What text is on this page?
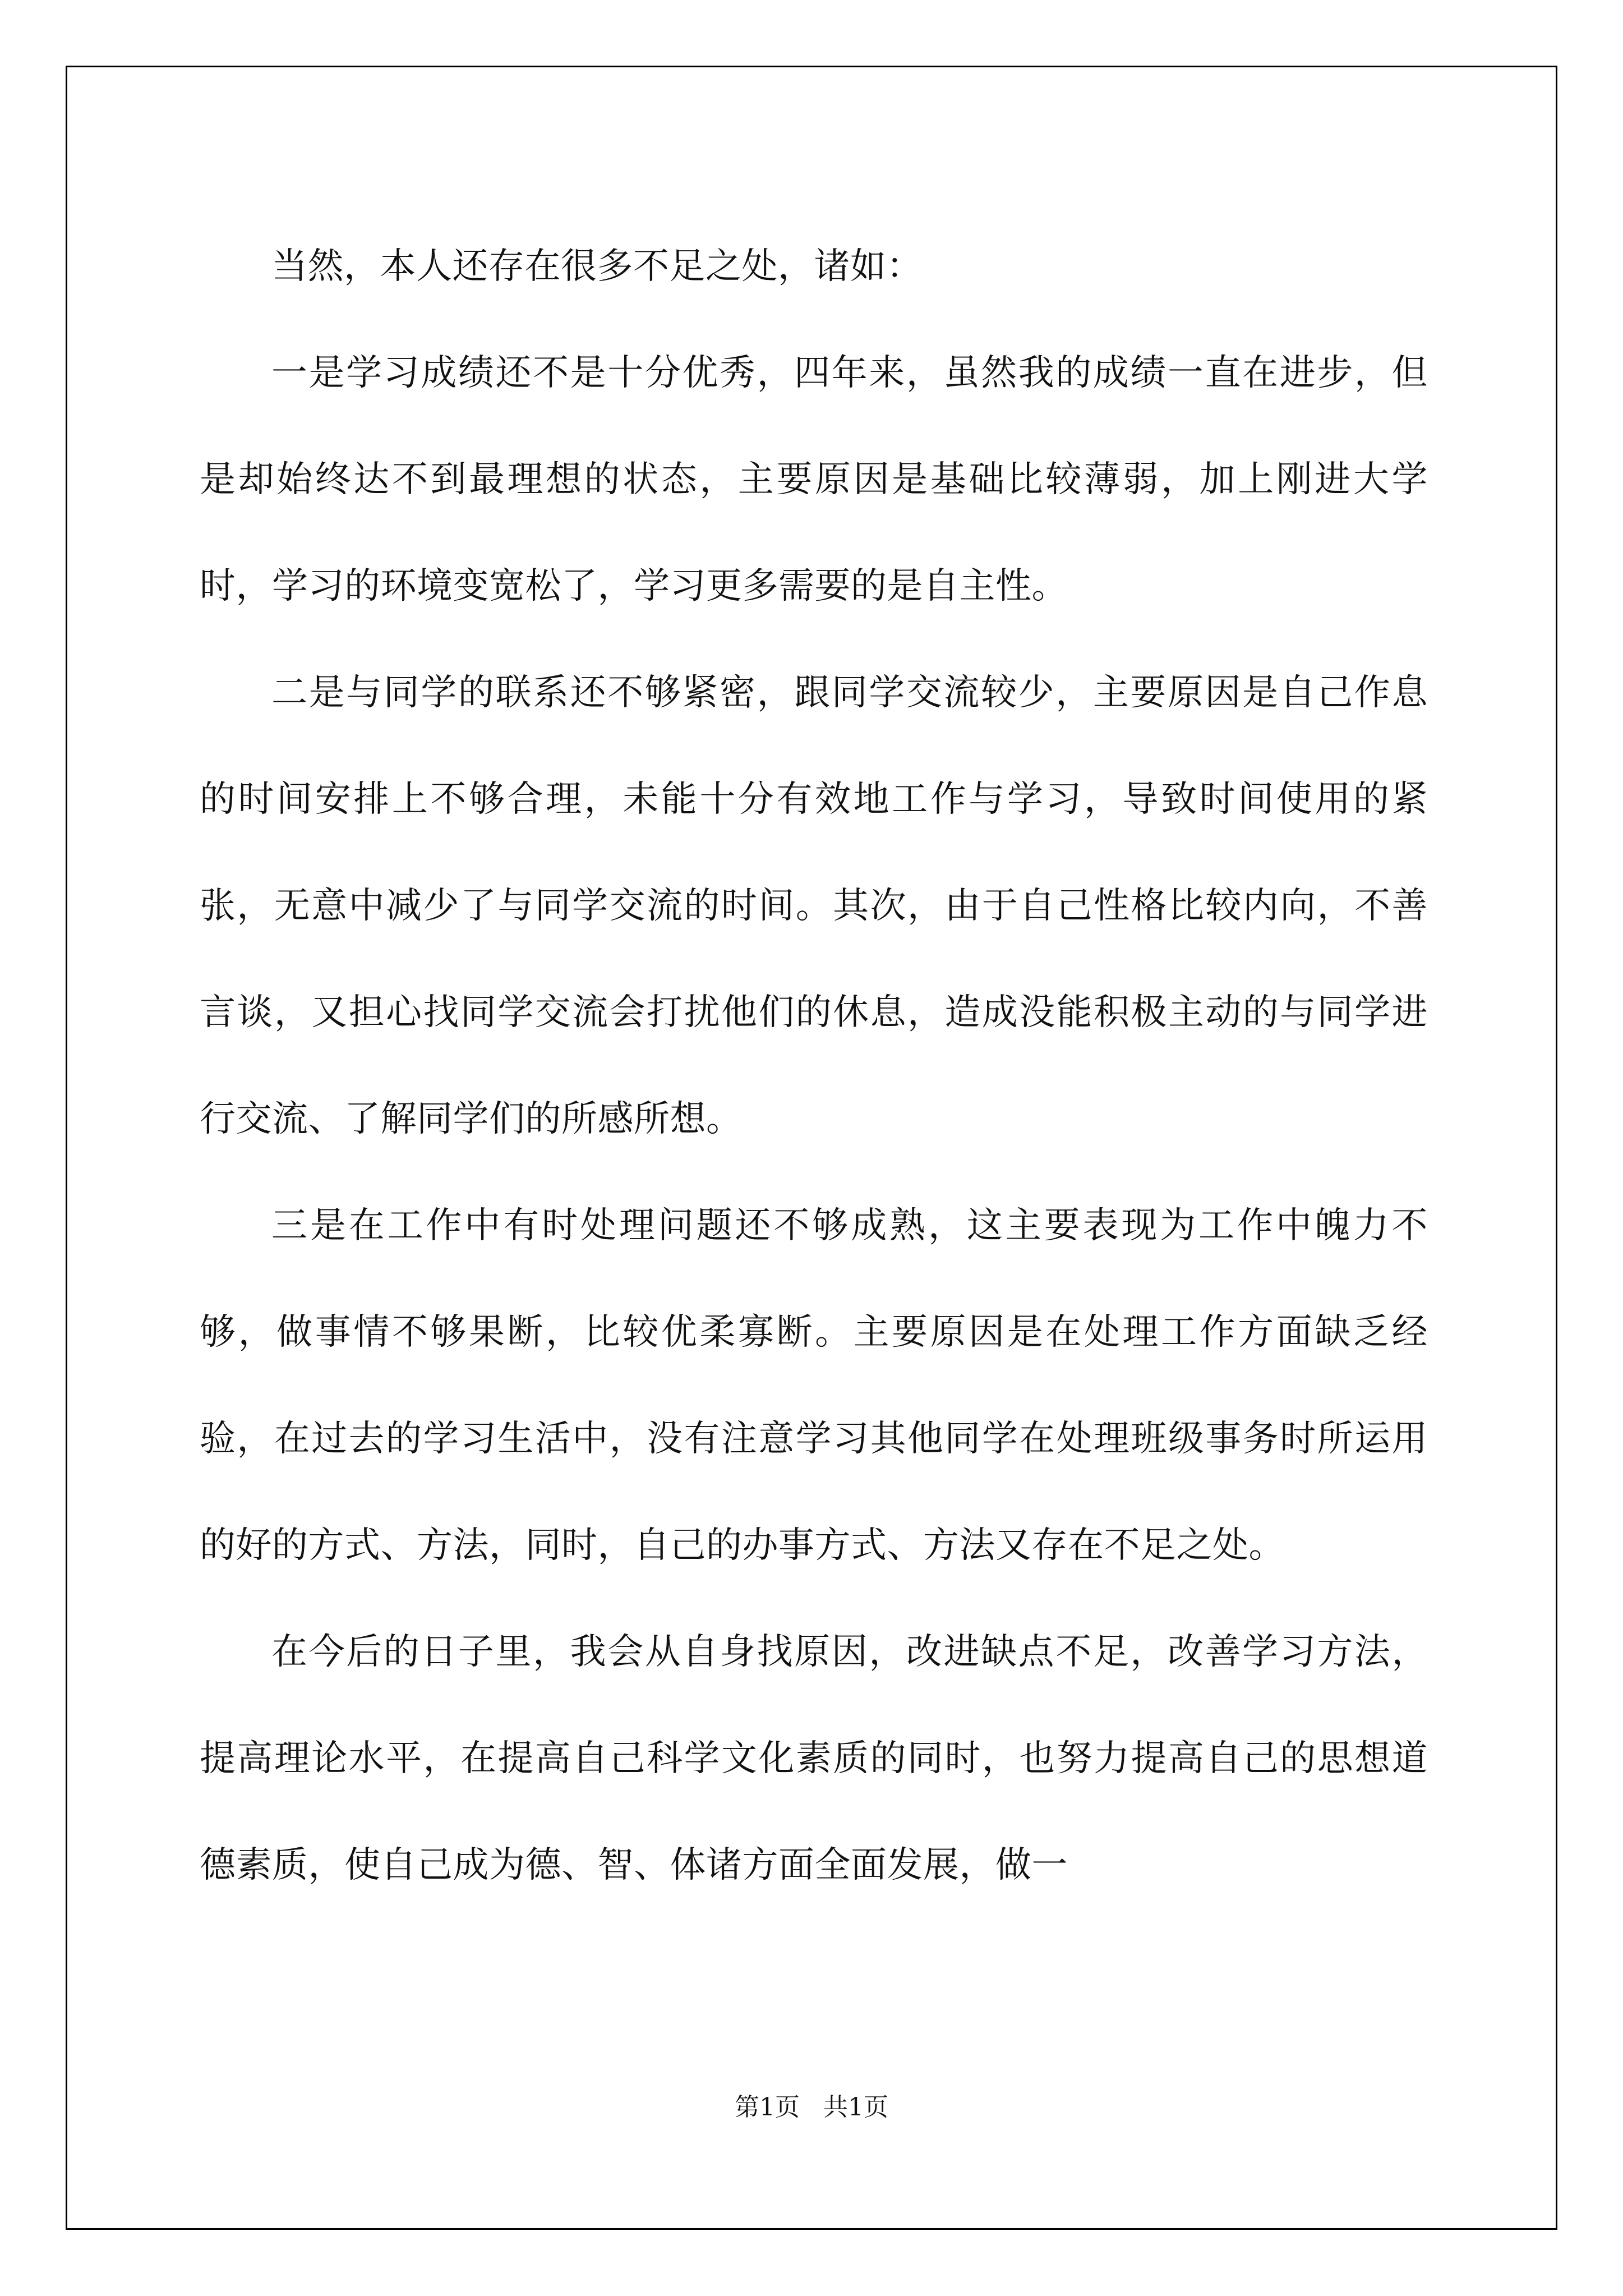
当然，本人还存在很多不足之处，诸如：

一是学习成绩还不是十分优秀，四年来，虽然我的成绩一直在进步，但是却始终达不到最理想的状态，主要原因是基础比较薄弱，加上刚进大学时，学习的环境变宽松了，学习更多需要的是自主性。

二是与同学的联系还不够紧密，跟同学交流较少，主要原因是自己作息的时间安排上不够合理，未能十分有效地工作与学习，导致时间使用的紧张，无意中减少了与同学交流的时间。其次，由于自己性格比较内向，不善言谈，又担心找同学交流会打扰他们的休息，造成没能积极主动的与同学进行交流、了解同学们的所感所想。

三是在工作中有时处理问题还不够成熟，这主要表现为工作中魄力不够，做事情不够果断，比较优柔寡断。主要原因是在处理工作方面缺乏经验，在过去的学习生活中，没有注意学习其他同学在处理班级事务时所运用的好的方式、方法，同时，自己的办事方式、方法又存在不足之处。

在今后的日子里，我会从自身找原因，改进缺点不足，改善学习方法，提高理论水平，在提高自己科学文化素质的同时，也努力提高自己的思想道德素质，使自己成为德、智、体诸方面全面发展，做一

第1页   共1页
